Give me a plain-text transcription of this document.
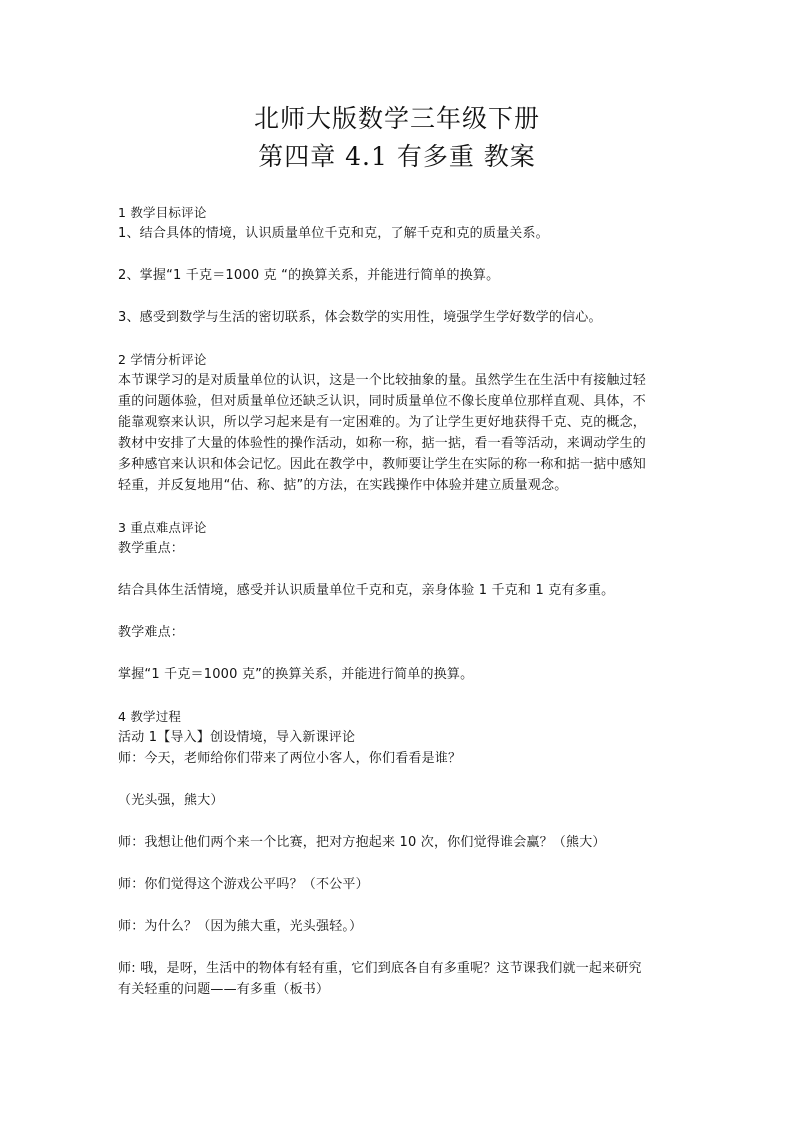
北师大版数学三年级下册
第四章 4.1 有多重 教案
1 教学目标评论
1、结合具体的情境，认识质量单位千克和克，了解千克和克的质量关系。
2、掌握“1 千克＝1000 克 “的换算关系，并能进行简单的换算。
3、感受到数学与生活的密切联系，体会数学的实用性，境强学生学好数学的信心。
2 学情分析评论
本节课学习的是对质量单位的认识，这是一个比较抽象的量。虽然学生在生活中有接触过轻
重的问题体验，但对质量单位还缺乏认识，同时质量单位不像长度单位那样直观、具体，不
能靠观察来认识，所以学习起来是有一定困难的。为了让学生更好地获得千克、克的概念，
教材中安排了大量的体验性的操作活动，如称一称，掂一掂，看一看等活动，来调动学生的
多种感官来认识和体会记忆。因此在教学中，教师要让学生在实际的称一称和掂一掂中感知
轻重，并反复地用“估、称、掂”的方法，在实践操作中体验并建立质量观念。
3 重点难点评论
教学重点：
结合具体生活情境，感受并认识质量单位千克和克，亲身体验 1 千克和 1 克有多重。
教学难点：
掌握“1 千克＝1000 克”的换算关系，并能进行简单的换算。
4 教学过程
活动 1【导入】创设情境，导入新课评论
师：今天，老师给你们带来了两位小客人，你们看看是谁？
（光头强，熊大）
师：我想让他们两个来一个比赛，把对方抱起来 10 次，你们觉得谁会赢？（熊大）
师：你们觉得这个游戏公平吗？（不公平）
师：为什么？（因为熊大重，光头强轻。）
师: 哦，是呀，生活中的物体有轻有重，它们到底各自有多重呢？这节课我们就一起来研究
有关轻重的问题——有多重（板书）
